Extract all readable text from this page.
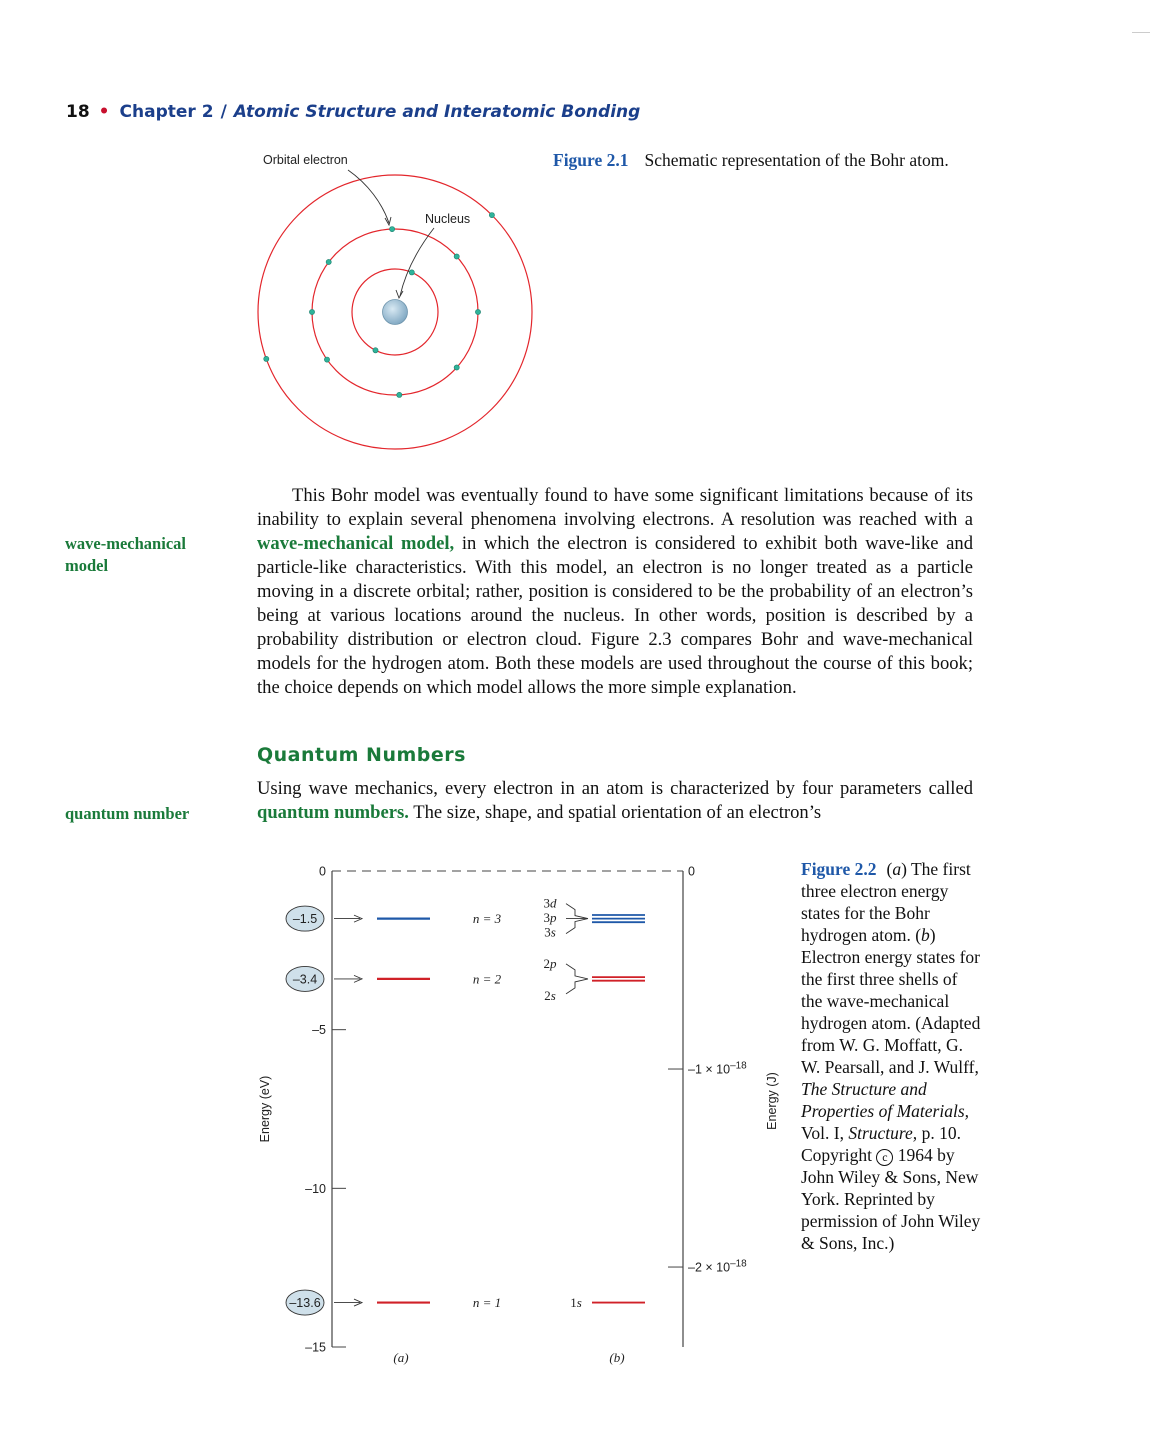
18 • Chapter 2 / Atomic Structure and Interatomic Bonding
Orbital electron
Nucleus
Figure 2.1 Schematic representation of the Bohr atom.
wave-mechanical
model
This Bohr model was eventually found to have some significant limitations because of its inability to explain several phenomena involving electrons. A resolution was reached with a wave-mechanical model, in which the electron is considered to exhibit both wave-like and particle-like characteristics. With this model, an electron is no longer treated as a particle moving in a discrete orbital; rather, position is considered to be the probability of an electron’s being at various locations around the nucleus. In other words, position is described by a probability distribution or electron cloud. Figure 2.3 compares Bohr and wave-mechanical models for the hydrogen atom. Both these models are used throughout the course of this book; the choice depends on which model allows the more simple explanation.
Quantum Numbers
quantum number
Using wave mechanics, every electron in an atom is characterized by four parameters called quantum numbers. The size, shape, and spatial orientation of an electron’s
0
–5
–10
–15
0
$-1 \times 10^{-18}$
$-2 \times 10^{-18}$
–1.5	n = 3
–3.4	n = 2
–13.6	n = 1
3d
3p
3s
2p
2s
1s
Energy (eV)	Energy (J)
(a)	(b)
Figure 2.2 (a) The first three electron energy states for the Bohr hydrogen atom. (b) Electron energy states for the first three shells of the wave-mechanical hydrogen atom. (Adapted from W. G. Moffatt, G. W. Pearsall, and J. Wulff, The Structure and Properties of Materials, Vol. I, Structure, p. 10. Copyright c 1964 by John Wiley & Sons, New York. Reprinted by permission of John Wiley & Sons, Inc.)
